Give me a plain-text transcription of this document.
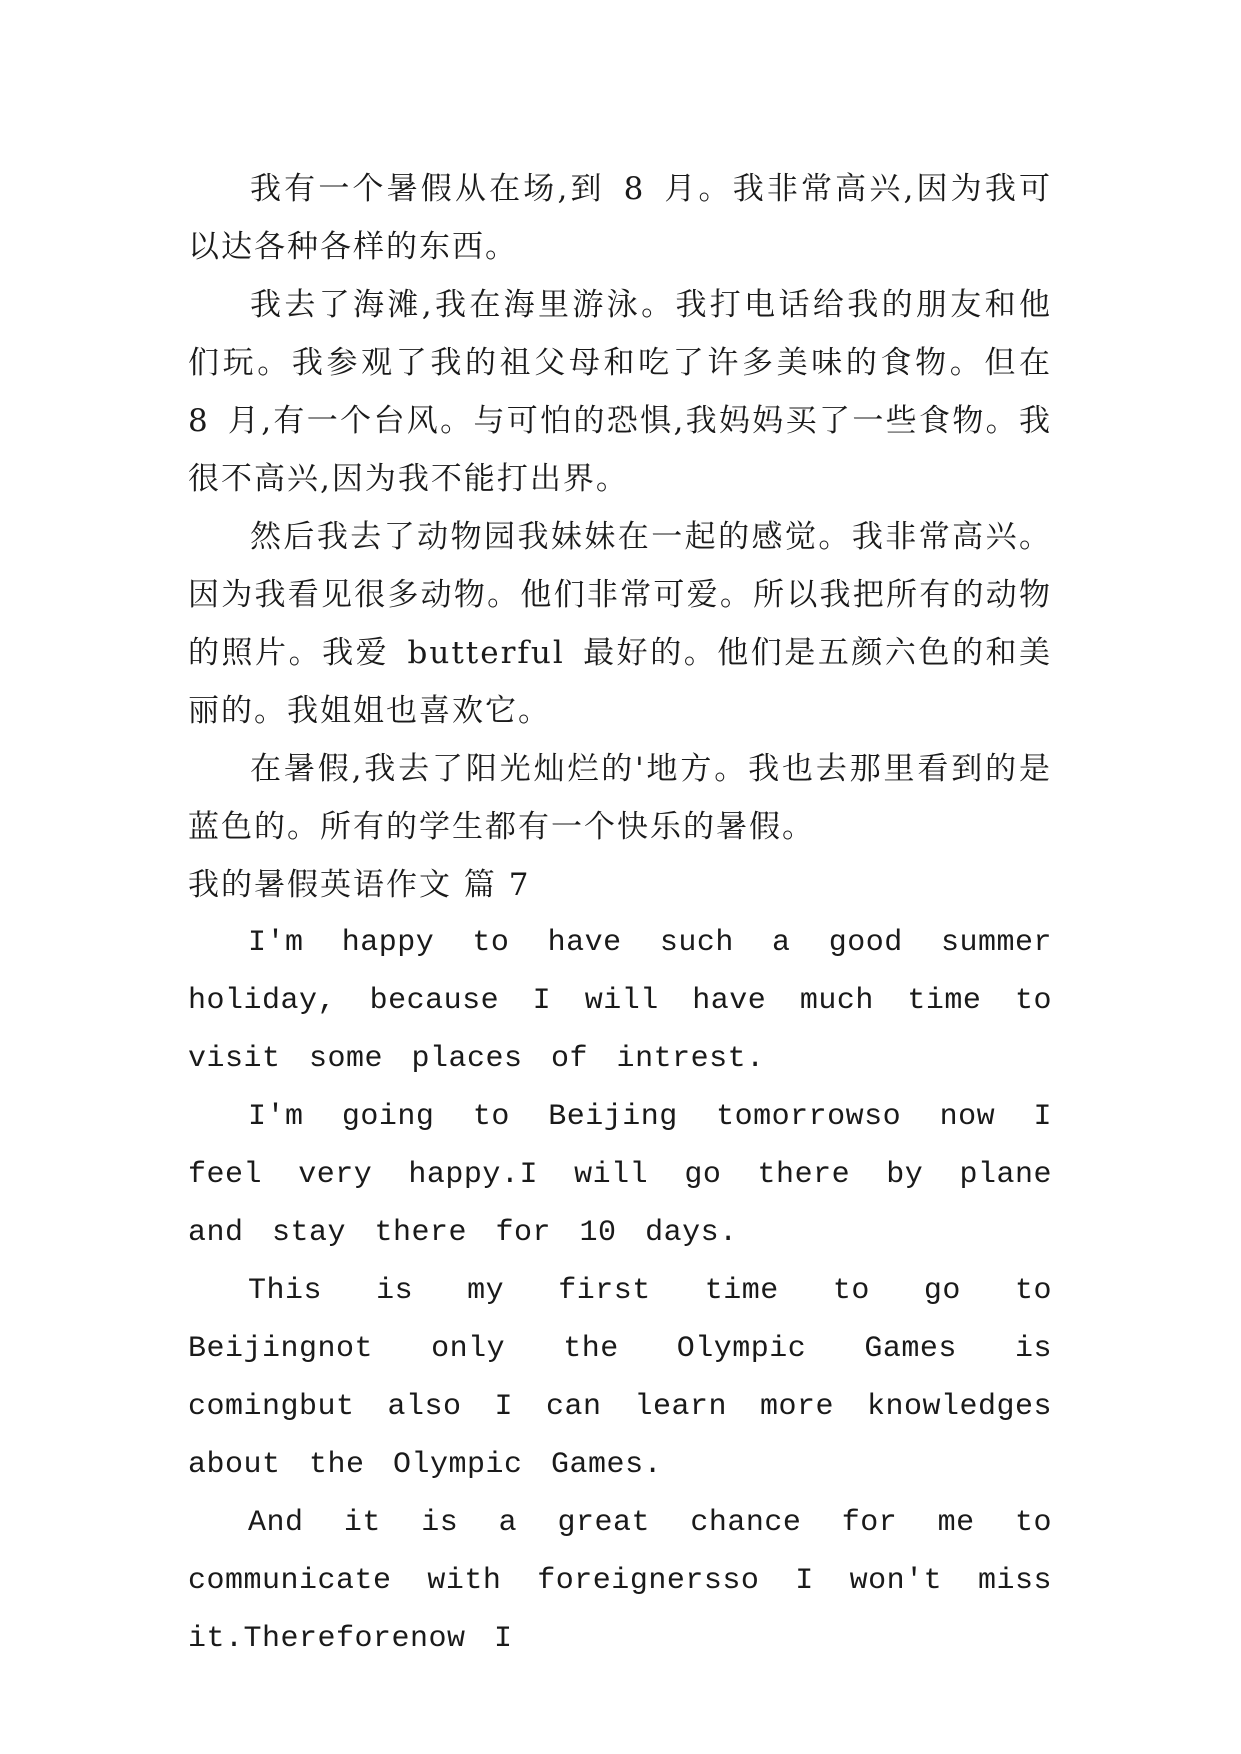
我有一个暑假从在场,到 8 月。我非常高兴,因为我可以达各种各样的东西。

我去了海滩,我在海里游泳。我打电话给我的朋友和他们玩。我参观了我的祖父母和吃了许多美味的食物。但在 8 月,有一个台风。与可怕的恐惧,我妈妈买了一些食物。我很不高兴,因为我不能打出界。

然后我去了动物园我妹妹在一起的感觉。我非常高兴。因为我看见很多动物。他们非常可爱。所以我把所有的动物的照片。我爱 butterful 最好的。他们是五颜六色的和美丽的。我姐姐也喜欢它。

在暑假,我去了阳光灿烂的'地方。我也去那里看到的是蓝色的。所有的学生都有一个快乐的暑假。

我的暑假英语作文 篇 7

I'm happy to have such a good summer holiday, because I will have much time to visit some places of intrest.

I'm going to Beijing tomorrowso now I feel very happy.I will go there by plane and stay there for 10 days.

This is my first time to go to Beijingnot only the Olympic Games is comingbut also I can learn more knowledges about the Olympic Games.

And it is a great chance for me to communicate with foreignersso I won't miss it.Thereforenow I
